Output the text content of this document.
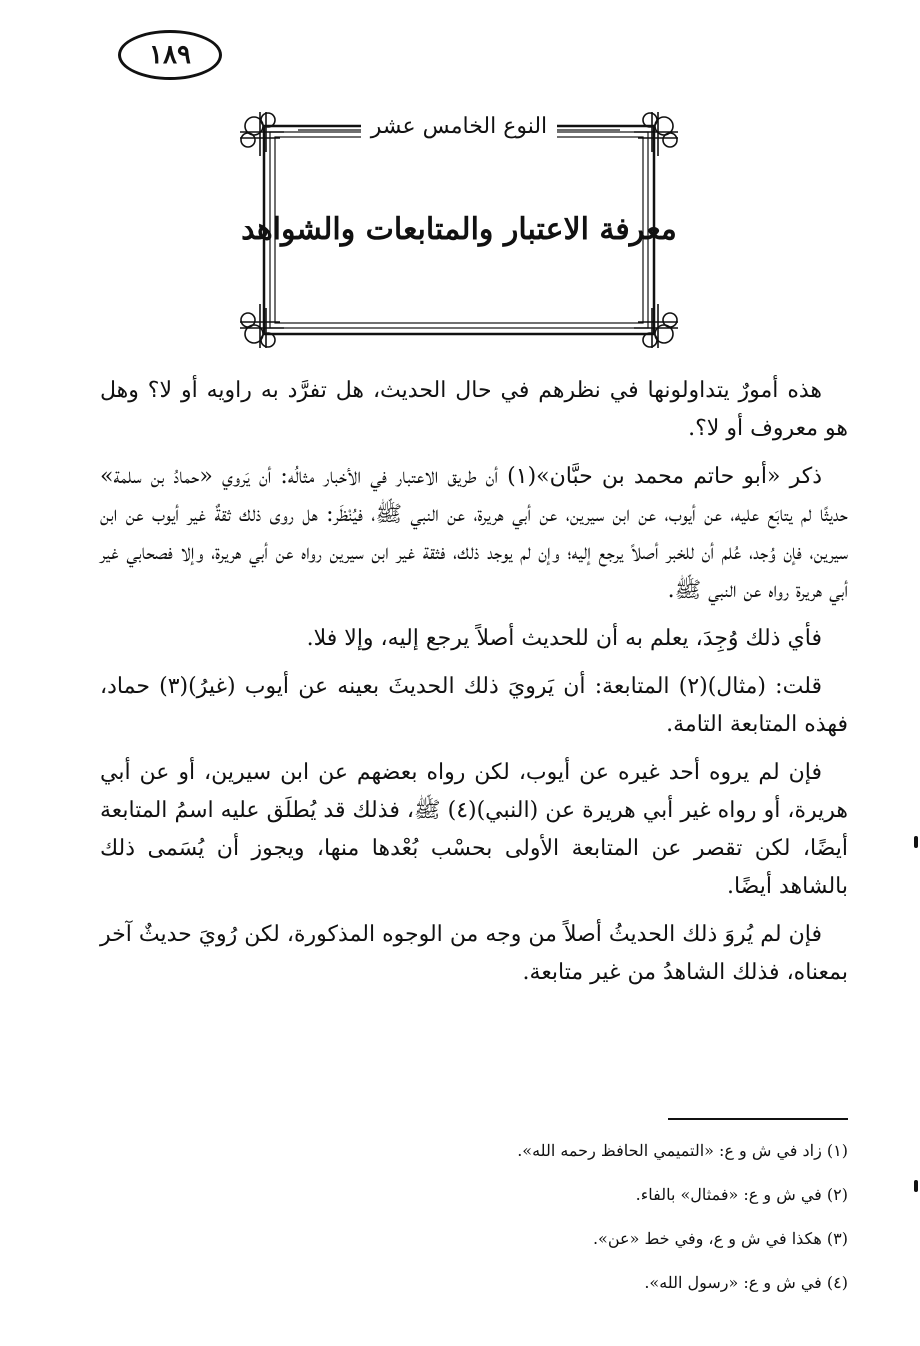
١٨٩
النوع الخامس عشر
معرفة الاعتبار والمتابعات والشواهد

هذه أمورٌ يتداولونها في نظرهم في حال الحديث، هل تفرَّد به راويه أو لا؟ وهل هو معروف أو لا؟.

ذكر «أبو حاتم محمد بن حبَّان»(١) أن طريق الاعتبار في الأخبار مثالُه: أن يَروي «حمادُ بن سلمة» حديثًا لم يتابَع عليه، عن أيوب، عن ابن سيرين، عن أبي هريرة، عن النبي ﷺ، فيُنْظَر: هل روى ذلك ثقةٌ غير أيوب عن ابن سيرين، فإن وُجد، عُلم أن للخبر أصلاً يرجع إليه؛ وإن لم يوجد ذلك، فثقة غير ابن سيرين رواه عن أبي هريرة، وإلا فصحابي غير أبي هريرة رواه عن النبي ﷺ.

فأي ذلك وُجِدَ، يعلم به أن للحديث أصلاً يرجع إليه، وإلا فلا.

قلت: (مثال)(٢) المتابعة: أن يَرويَ ذلك الحديثَ بعينه عن أيوب (غيرُ)(٣) حماد، فهذه المتابعة التامة.

فإن لم يروه أحد غيره عن أيوب، لكن رواه بعضهم عن ابن سيرين، أو عن أبي هريرة، أو رواه غير أبي هريرة عن (النبي)(٤) ﷺ، فذلك قد يُطلَق عليه اسمُ المتابعة أيضًا، لكن تقصر عن المتابعة الأولى بحسْب بُعْدها منها، ويجوز أن يُسَمى ذلك بالشاهد أيضًا.

فإن لم يُروَ ذلك الحديثُ أصلاً من وجه من الوجوه المذكورة، لكن رُويَ حديثٌ آخر بمعناه، فذلك الشاهدُ من غير متابعة.

(١) زاد في ش و ع: «التميمي الحافظ رحمه الله».
(٢) في ش و ع: «فمثال» بالفاء.
(٣) هكذا في ش و ع، وفي خط «عن».
(٤) في ش و ع: «رسول الله».
